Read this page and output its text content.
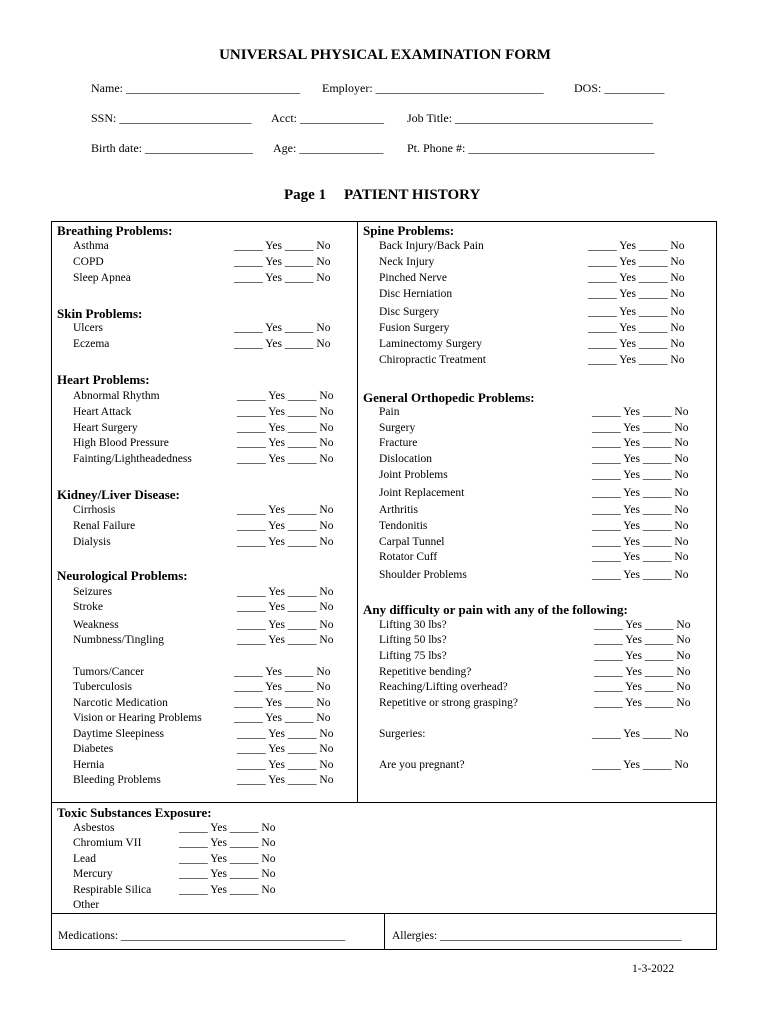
UNIVERSAL PHYSICAL EXAMINATION FORM
Name: _____________________________ Employer: ____________________________	DOS: __________
SSN: ______________________ Acct: ______________ Job Title: _________________________________
Birth date: __________________ Age: ______________ Pt. Phone #: _______________________________
Page 1 PATIENT HISTORY
Breathing Problems:
Asthma	_____ Yes _____ No
COPD	_____ Yes _____ No
Sleep Apnea	_____ Yes _____ No
Skin Problems:
Ulcers	_____ Yes _____ No
Eczema	_____ Yes _____ No
Heart Problems:
Abnormal Rhythm	_____ Yes _____ No
Heart Attack	_____ Yes _____ No
Heart Surgery	_____ Yes _____ No
High Blood Pressure	_____ Yes _____ No
Fainting/Lightheadedness	_____ Yes _____ No
Kidney/Liver Disease:
Cirrhosis	_____ Yes _____ No
Renal Failure	_____ Yes _____ No
Dialysis	_____ Yes _____ No
Neurological Problems:
Seizures	_____ Yes _____ No
Stroke	_____ Yes _____ No
Weakness	_____ Yes _____ No
Numbness/Tingling	_____ Yes _____ No
Tumors/Cancer	_____ Yes _____ No
Tuberculosis	_____ Yes _____ No
Narcotic Medication	_____ Yes _____ No
Vision or Hearing Problems	_____ Yes _____ No
Daytime Sleepiness	_____ Yes _____ No
Diabetes	_____ Yes _____ No
Hernia	_____ Yes _____ No
Bleeding Problems	_____ Yes _____ No
Spine Problems:
Back Injury/Back Pain	_____ Yes _____ No
Neck Injury	_____ Yes _____ No
Pinched Nerve	_____ Yes _____ No
Disc Herniation	_____ Yes _____ No
Disc Surgery	_____ Yes _____ No
Fusion Surgery	_____ Yes _____ No
Laminectomy Surgery	_____ Yes _____ No
Chiropractic Treatment	_____ Yes _____ No
General Orthopedic Problems:
Pain	_____ Yes _____ No
Surgery	_____ Yes _____ No
Fracture	_____ Yes _____ No
Dislocation	_____ Yes _____ No
Joint Problems	_____ Yes _____ No
Joint Replacement	_____ Yes _____ No
Arthritis	_____ Yes _____ No
Tendonitis	_____ Yes _____ No
Carpal Tunnel	_____ Yes _____ No
Rotator Cuff	_____ Yes _____ No
Shoulder Problems	_____ Yes _____ No
Any difficulty or pain with any of the following:
Lifting 30 lbs?	_____ Yes _____ No
Lifting 50 lbs?	_____ Yes _____ No
Lifting 75 lbs?	_____ Yes _____ No
Repetitive bending?	_____ Yes _____ No
Reaching/Lifting overhead?	_____ Yes _____ No
Repetitive or strong grasping?	_____ Yes _____ No
Surgeries:	_____ Yes _____ No
Are you pregnant?	_____ Yes _____ No
Toxic Substances Exposure:
Asbestos	_____ Yes _____ No
Chromium VII	_____ Yes _____ No
Lead	_____ Yes _____ No
Mercury	_____ Yes _____ No
Respirable Silica _____ Yes _____ No
Other
Medications: _______________________________________	Allergies: __________________________________________
1-3-2022
